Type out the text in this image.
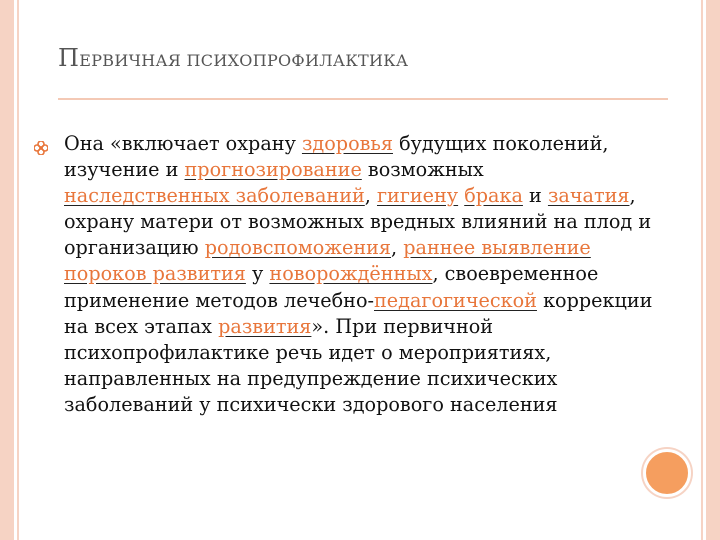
ПЕРВИЧНАЯ ПСИХОПРОФИЛАКТИКА
Она «включает охрану здоровья будущих поколений, изучение и прогнозирование возможных наследственных заболеваний, гигиену брака и зачатия, охрану матери от возможных вредных влияний на плод и организацию родовспоможения, раннее выявление пороков развития у новорождённых, своевременное применение методов лечебно-педагогической коррекции на всех этапах развития». При первичной психопрофилактике речь идет о мероприятиях, направленных на предупреждение психических заболеваний у психически здорового населения
